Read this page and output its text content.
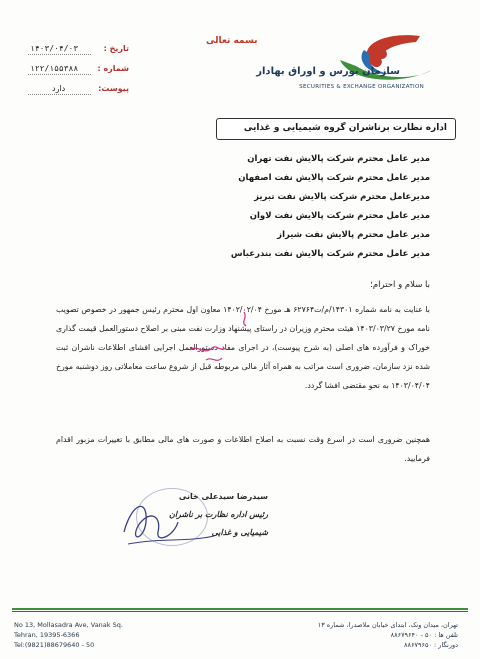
سازمان بورس و اوراق بهادار
SECURITIES & EXCHANGE ORGANIZATION
بسمه تعالی
۱۴۰۳/۰۴/۰۳	تاریخ :
۱۲۲/۱۵۵۳۸۸ شماره :
دارد	پیوست:
اداره نظارت برناشران گروه شیمیایی و غذایی
مدیر عامل محترم شرکت پالایش نفت تهران
مدیر عامل محترم شرکت پالایش نفت اصفهان
مدیرعامل محترم شرکت پالایش نفت تبریز
مدیر عامل محترم شرکت پالایش نفت لاوان
مدیر عامل محترم پالایش نفت شیراز
مدیر عامل محترم شرکت پالایش نفت بندرعباس
با سلام و احترام؛
با عنایت به نامه شماره ۱۴۳۰۱/م/ت۶۲۷۶۴ هـ مورخ ۱۴۰۲/۰۲/۰۴ معاون اول محترم رئیس جمهور در خصوص تصویب نامه مورخ ۱۴۰۳/۰۳/۲۷ هیئت محترم وزیران در راستای پیشنهاد وزارت نفت مبنی بر اصلاح دستورالعمل قیمت گذاری خوراک و فرآورده های اصلی (به شرح پیوست)، در اجرای مفاد دستورالعمل اجرایی افشای اطلاعات ناشران ثبت شده نزد سازمان، ضروری است مراتب به همراه آثار مالی مربوطه قبل از شروع ساعت معاملاتی روز دوشنبه مورخ ۱۴۰۳/۰۴/۰۴ به نحو مقتضی افشا گردد.
همچنین ضروری است در اسرع وقت نسبت به اصلاح اطلاعات و صورت های مالی مطابق با تغییرات مزبور اقدام فرمایید.
سیدرضا سیدعلی خانی
رئیس اداره نظارت بر ناشران
شیمیایی و غذایی
No 13, Mollasadra Ave, Vanak Sq.
Tehran, 19395-6366
Tel:(9821)88679640 - 50
تهران، میدان ونک، ابتدای خیابان ملاصدرا، شماره ۱۳
تلفن ها : ۵۰ - ۸۸۶۷۹۶۴۰
دورنگار : ۸۸۶۷۹۶۵۰
